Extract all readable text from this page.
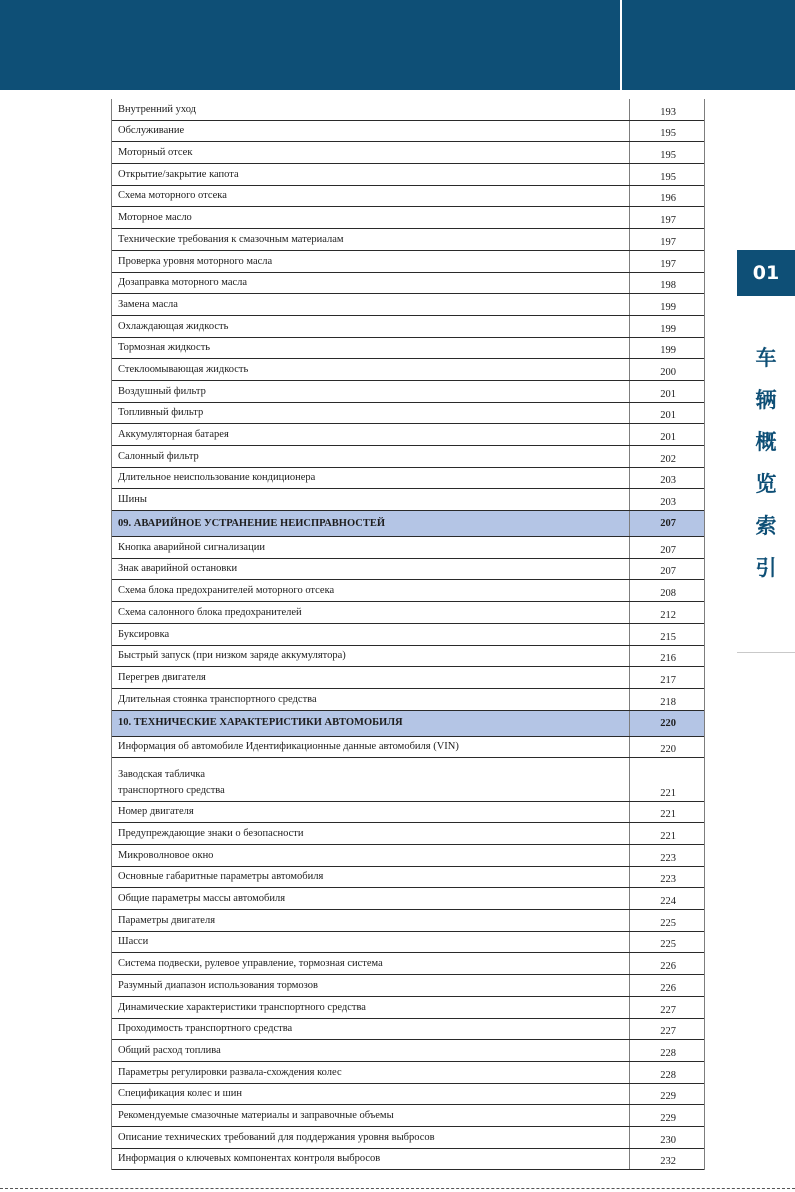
Внутренний уход	193
Обслуживание	195
Моторный отсек	195
Открытие/закрытие капота	195
Схема моторного отсека	196
Моторное масло	197
Технические требования к смазочным материалам	197
Проверка уровня моторного масла	197
Дозаправка моторного масла	198
Замена масла	199
Охлаждающая жидкость	199
Тормозная жидкость	199
Стеклоомывающая жидкость	200
Воздушный фильтр	201
Топливный фильтр	201
Аккумуляторная батарея	201
Салонный фильтр	202
Длительное неиспользование кондиционера	203
Шины	203
09. АВАРИЙНОЕ УСТРАНЕНИЕ НЕИСПРАВНОСТЕЙ	207
Кнопка аварийной сигнализации	207
Знак аварийной остановки	207
Схема блока предохранителей моторного отсека	208
Схема салонного блока предохранителей	212
Буксировка	215
Быстрый запуск (при низком заряде аккумулятора)	216
Перегрев двигателя	217
Длительная стоянка транспортного средства	218
10. ТЕХНИЧЕСКИЕ ХАРАКТЕРИСТИКИ АВТОМОБИЛЯ	220
Информация об автомобиле Идентификационные данные автомобиля (VIN)	220
Заводская табличка
транспортного средства	221
Номер двигателя	221
Предупреждающие знаки о безопасности	221
Микроволновое окно	223
Основные габаритные параметры автомобиля	223
Общие параметры массы автомобиля	224
Параметры двигателя	225
Шасси	225
Система подвески, рулевое управление, тормозная система	226
Разумный диапазон использования тормозов	226
Динамические характеристики транспортного средства	227
Проходимость транспортного средства	227
Общий расход топлива	228
Параметры регулировки развала-схождения колес	228
Спецификация колес и шин	229
Рекомендуемые смазочные материалы и заправочные объемы	229
Описание технических требований для поддержания уровня выбросов	230
Информация о ключевых компонентах контроля выбросов	232
01
车
辆
概
览
索
引
